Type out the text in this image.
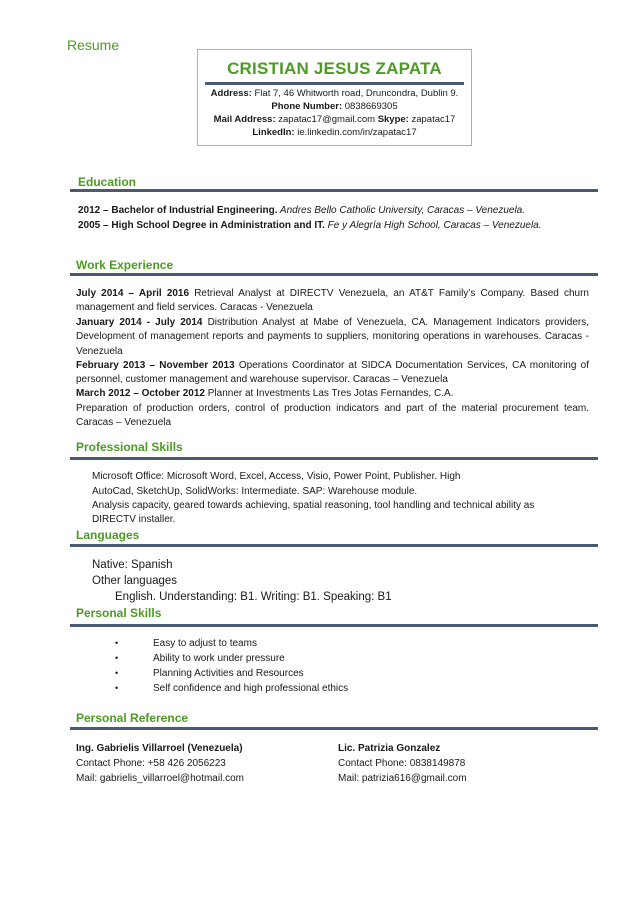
Resume
CRISTIAN JESUS ZAPATA
Address: Flat 7, 46 Whitworth road, Druncondra, Dublin 9.
Phone Number: 0838669305
Mail Address: zapatac17@gmail.com Skype: zapatac17
LinkedIn: ie.linkedin.com/in/zapatac17
Education
2012 – Bachelor of Industrial Engineering. Andres Bello Catholic University, Caracas – Venezuela.
2005 – High School Degree in Administration and IT. Fe y Alegría High School, Caracas – Venezuela.
Work Experience
July 2014 – April 2016 Retrieval Analyst at DIRECTV Venezuela, an AT&T Family’s Company. Based churn management and field services. Caracas - Venezuela
January 2014 - July 2014 Distribution Analyst at Mabe of Venezuela, CA. Management Indicators providers, Development of management reports and payments to suppliers, monitoring operations in warehouses. Caracas - Venezuela
February 2013 – November 2013 Operations Coordinator at SIDCA Documentation Services, CA monitoring of personnel, customer management and warehouse supervisor. Caracas – Venezuela
March 2012 – October 2012 Planner at Investments Las Tres Jotas Fernandes, C.A.
Preparation of production orders, control of production indicators and part of the material procurement team. Caracas – Venezuela
Professional Skills
Microsoft Office: Microsoft Word, Excel, Access, Visio, Power Point, Publisher. High
AutoCad, SketchUp, SolidWorks: Intermediate. SAP: Warehouse module.
Analysis capacity, geared towards achieving, spatial reasoning, tool handling and technical ability as
DIRECTV installer.
Languages
Native: Spanish
Other languages
English. Understanding: B1. Writing: B1. Speaking: B1
Personal Skills
•	Easy to adjust to teams
•	Ability to work under pressure
•	Planning Activities and Resources
•	Self confidence and high professional ethics
Personal Reference
Ing. Gabrielis Villarroel (Venezuela)
Contact Phone: +58 426 2056223
Mail: gabrielis_villarroel@hotmail.com
Lic. Patrizia Gonzalez
Contact Phone: 0838149878
Mail: patrizia616@gmail.com
